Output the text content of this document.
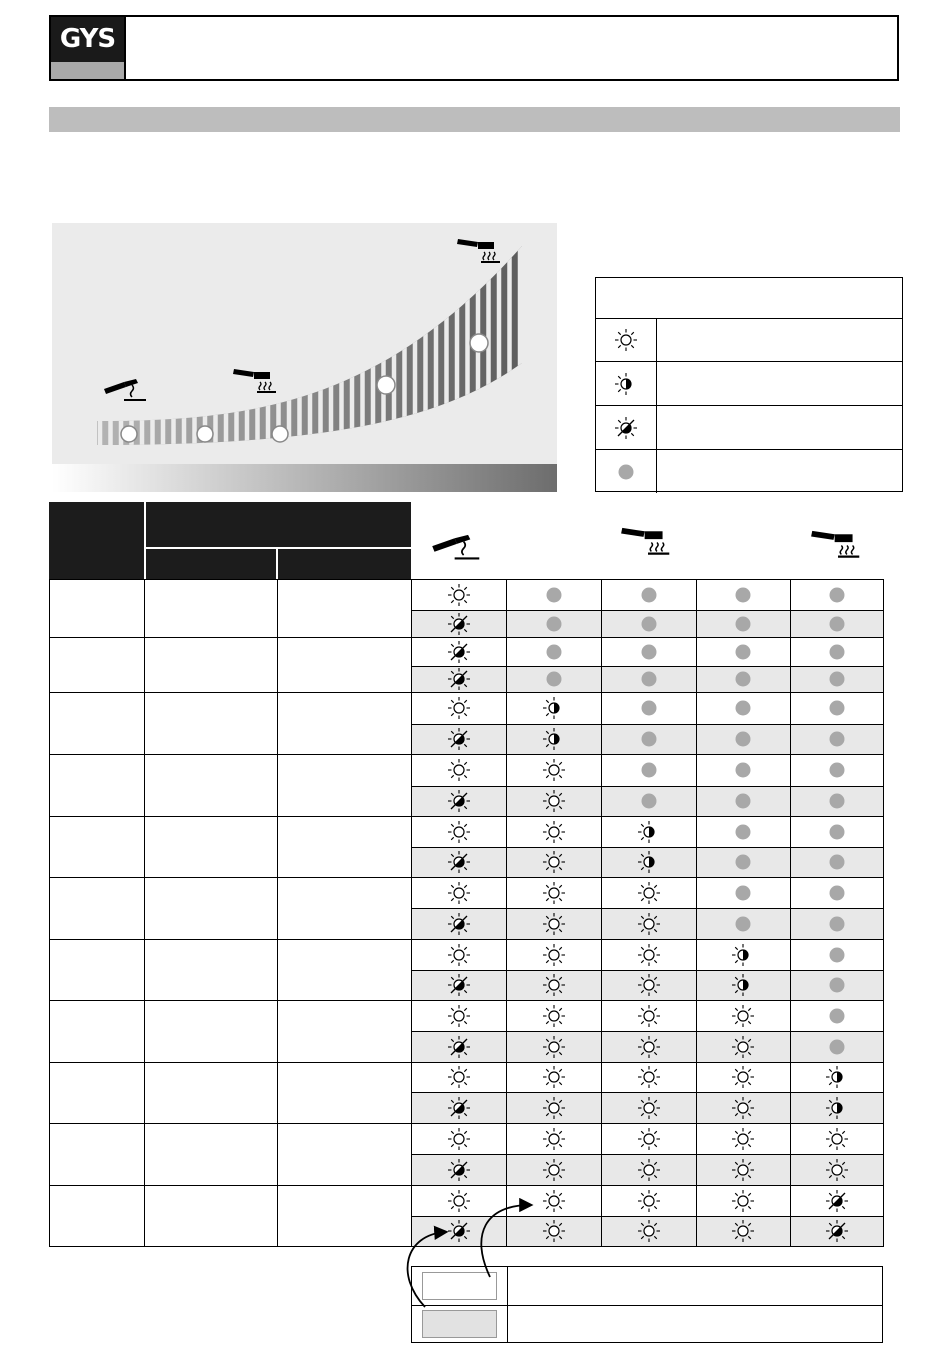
GYS
